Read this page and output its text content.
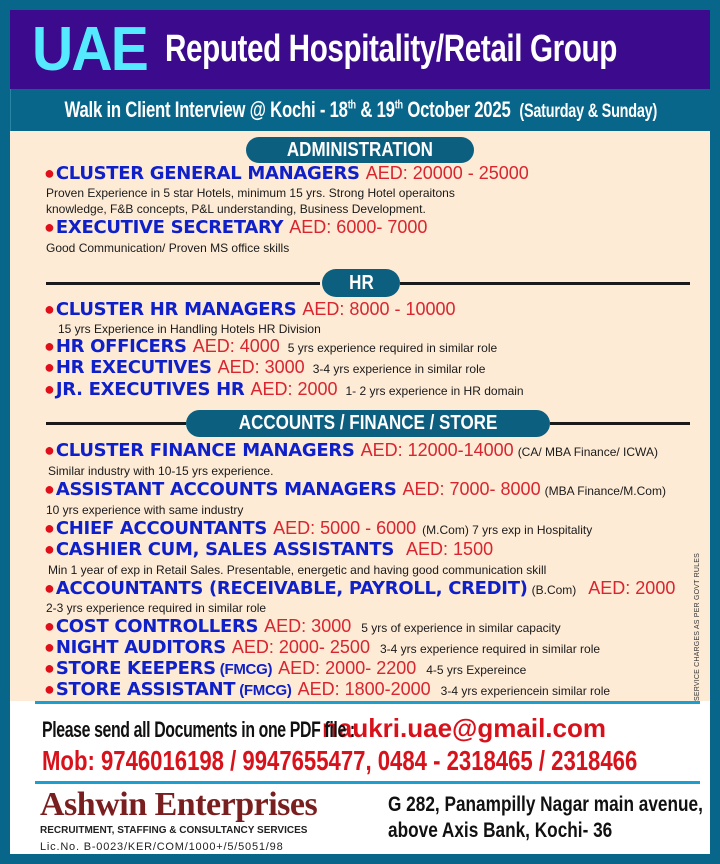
UAE Reputed Hospitality/Retail Group
Walk in Client Interview @ Kochi - 18th & 19th October 2025 (Saturday & Sunday)
ADMINISTRATION
● CLUSTER GENERAL MANAGERS AED: 20000 - 25000
Proven Experience in 5 star Hotels, minimum 15 yrs. Strong Hotel operaitons
knowledge, F&B concepts, P&L understanding, Business Development.
● EXECUTIVE SECRETARY AED: 6000- 7000
Good Communication/ Proven MS office skills
HR
● CLUSTER HR MANAGERS AED: 8000 - 10000
15 yrs Experience in Handling Hotels HR Division
● HR OFFICERS AED: 4000 5 yrs experience required in similar role
● HR EXECUTIVES AED: 3000 3-4 yrs experience in similar role
● JR. EXECUTIVES HR AED: 2000 1- 2 yrs experience in HR domain
ACCOUNTS / FINANCE / STORE
● CLUSTER FINANCE MANAGERS AED: 12000-14000 (CA/ MBA Finance/ ICWA)
Similar industry with 10-15 yrs experience.
● ASSISTANT ACCOUNTS MANAGERS AED: 7000- 8000 (MBA Finance/M.Com)
10 yrs experience with same industry
● CHIEF ACCOUNTANTS AED: 5000 - 6000 (M.Com) 7 yrs exp in Hospitality
● CASHIER CUM, SALES ASSISTANTS AED: 1500
Min 1 year of exp in Retail Sales. Presentable, energetic and having good communication skill
● ACCOUNTANTS (RECEIVABLE, PAYROLL, CREDIT) (B.Com) AED: 2000
2-3 yrs experience required in similar role
● COST CONTROLLERS AED: 3000 5 yrs of experience in similar capacity
● NIGHT AUDITORS AED: 2000- 2500 3-4 yrs experience required in similar role
● STORE KEEPERS (FMCG) AED: 2000- 2200 4-5 yrs Expereince
● STORE ASSISTANT (FMCG) AED: 1800-2000 3-4 yrs experiencein similar role	SERVICE CHARGES AS PER GOVT RULES
Please send all Documents in one PDF file :
naukri.uae@gmail.com
Mob: 9746016198 / 9947655477, 0484 - 2318465 / 2318466
Ashwin Enterprises
RECRUITMENT, STAFFING & CONSULTANCY SERVICES
Lic.No. B-0023/KER/COM/1000+/5/5051/98
G 282, Panampilly Nagar main avenue,
above Axis Bank, Kochi- 36
